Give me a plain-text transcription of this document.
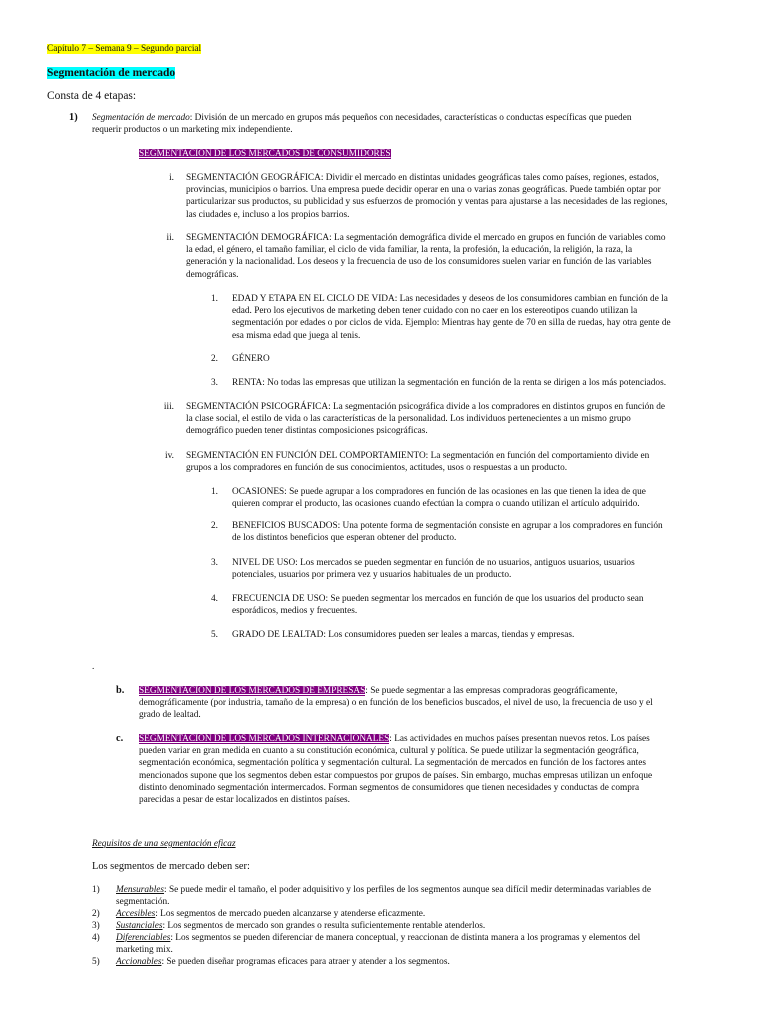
Capítulo 7 – Semana 9 – Segundo parcial
Segmentación de mercado
Consta de 4 etapas:
1) Segmentación de mercado: División de un mercado en grupos más pequeños con necesidades, características o conductas específicas que pueden
requerir productos o un marketing mix independiente.
SEGMENTACION DE LOS MERCADOS DE CONSUMIDORES
i. SEGMENTACIÓN GEOGRÁFICA: Dividir el mercado en distintas unidades geográficas tales como países, regiones, estados,
provincias, municipios o barrios. Una empresa puede decidir operar en una o varias zonas geográficas. Puede también optar por
particularizar sus productos, su publicidad y sus esfuerzos de promoción y ventas para ajustarse a las necesidades de las regiones,
las ciudades e, incluso a los propios barrios.
ii. SEGMENTACIÓN DEMOGRÁFICA: La segmentación demográfica divide el mercado en grupos en función de variables como
la edad, el género, el tamaño familiar, el ciclo de vida familiar, la renta, la profesión, la educación, la religión, la raza, la
generación y la nacionalidad. Los deseos y la frecuencia de uso de los consumidores suelen variar en función de las variables
demográficas.
1. EDAD Y ETAPA EN EL CICLO DE VIDA: Las necesidades y deseos de los consumidores cambian en función de la
edad. Pero los ejecutivos de marketing deben tener cuidado con no caer en los estereotipos cuando utilizan la
segmentación por edades o por ciclos de vida. Ejemplo: Mientras hay gente de 70 en silla de ruedas, hay otra gente de
esa misma edad que juega al tenis.
2. GÉNERO
3. RENTA: No todas las empresas que utilizan la segmentación en función de la renta se dirigen a los más potenciados.
iii. SEGMENTACIÓN PSICOGRÁFICA: La segmentación psicográfica divide a los compradores en distintos grupos en función de
la clase social, el estilo de vida o las características de la personalidad. Los individuos pertenecientes a un mismo grupo
demográfico pueden tener distintas composiciones psicográficas.
iv. SEGMENTACIÓN EN FUNCIÓN DEL COMPORTAMIENTO: La segmentación en función del comportamiento divide en
grupos a los compradores en función de sus conocimientos, actitudes, usos o respuestas a un producto.
1. OCASIONES: Se puede agrupar a los compradores en función de las ocasiones en las que tienen la idea de que
quieren comprar el producto, las ocasiones cuando efectúan la compra o cuando utilizan el artículo adquirido.
2. BENEFICIOS BUSCADOS: Una potente forma de segmentación consiste en agrupar a los compradores en función
de los distintos beneficios que esperan obtener del producto.
3. NIVEL DE USO: Los mercados se pueden segmentar en función de no usuarios, antiguos usuarios, usuarios
potenciales, usuarios por primera vez y usuarios habituales de un producto.
4. FRECUENCIA DE USO: Se pueden segmentar los mercados en función de que los usuarios del producto sean
esporádicos, medios y frecuentes.
5. GRADO DE LEALTAD: Los consumidores pueden ser leales a marcas, tiendas y empresas.
.
b. SEGMENTACION DE LOS MERCADOS DE EMPRESAS: Se puede segmentar a las empresas compradoras geográficamente,
demográficamente (por industria, tamaño de la empresa) o en función de los beneficios buscados, el nivel de uso, la frecuencia de uso y el
grado de lealtad.
c. SEGMENTACION DE LOS MERCADOS INTERNACIONALES: Las actividades en muchos países presentan nuevos retos. Los países
pueden variar en gran medida en cuanto a su constitución económica, cultural y política. Se puede utilizar la segmentación geográfica,
segmentación económica, segmentación política y segmentación cultural. La segmentación de mercados en función de los factores antes
mencionados supone que los segmentos deben estar compuestos por grupos de países. Sin embargo, muchas empresas utilizan un enfoque
distinto denominado segmentación intermercados. Forman segmentos de consumidores que tienen necesidades y conductas de compra
parecidas a pesar de estar localizados en distintos países.
Requisitos de una segmentación eficaz
Los segmentos de mercado deben ser:
1) Mensurables: Se puede medir el tamaño, el poder adquisitivo y los perfiles de los segmentos aunque sea difícil medir determinadas variables de
segmentación.
2) Accesibles: Los segmentos de mercado pueden alcanzarse y atenderse eficazmente.
3) Sustanciales: Los segmentos de mercado son grandes o resulta suficientemente rentable atenderlos.
4) Diferenciables: Los segmentos se pueden diferenciar de manera conceptual, y reaccionan de distinta manera a los programas y elementos del
marketing mix.
5) Accionables: Se pueden diseñar programas eficaces para atraer y atender a los segmentos.
